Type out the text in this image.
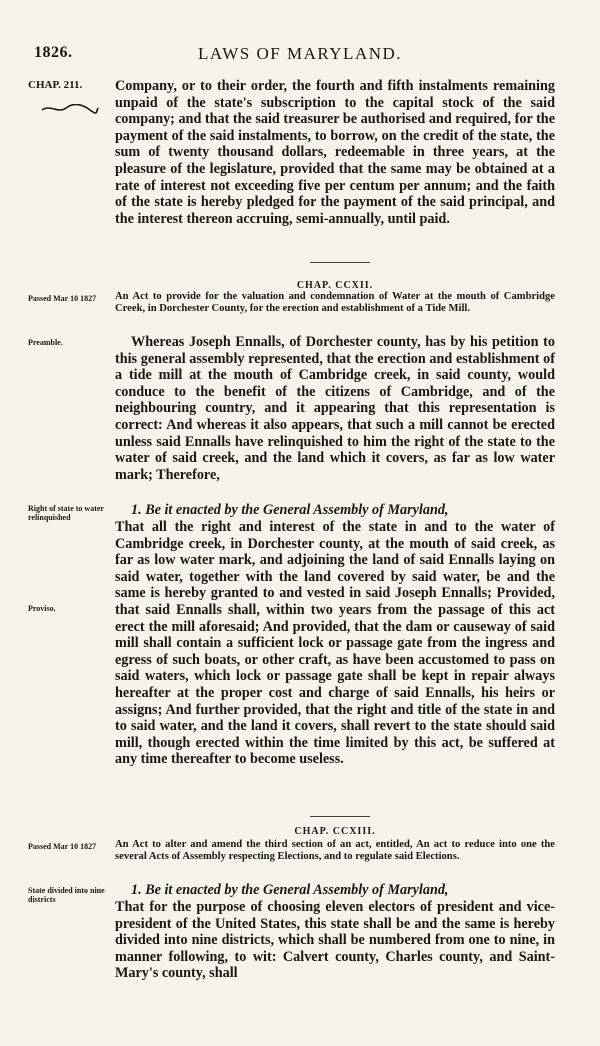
1826.	LAWS OF MARYLAND.
CHAP. 211.	Company, or to their order, the fourth and fifth instalments remaining unpaid of the state's subscription to the capital stock of the said company; and that the said treasurer be authorised and required, for the payment of the said instalments, to borrow, on the credit of the state, the sum of twenty thousand dollars, redeemable in three years, at the pleasure of the legislature, provided that the same may be obtained at a rate of interest not exceeding five per centum per annum; and the faith of the state is hereby pledged for the payment of the said principal, and the interest thereon accruing, semi-annually, until paid.
CHAP. CCXII.
Passed Mar 10 1827	An Act to provide for the valuation and condemnation of Water at the mouth of Cambridge Creek, in Dorchester County, for the erection and establishment of a Tide Mill.
Preamble.	Whereas Joseph Ennalls, of Dorchester county, has by his petition to this general assembly represented, that the erection and establishment of a tide mill at the mouth of Cambridge creek, in said county, would conduce to the benefit of the citizens of Cambridge, and of the neighbouring country, and it appearing that this representation is correct: And whereas it also appears, that such a mill cannot be erected unless said Ennalls have relinquished to him the right of the state to the water of said creek, and the land which it covers, as far as low water mark; Therefore,
Right of state to water relinquished	1. Be it enacted by the General Assembly of Maryland,
That all the right and interest of the state in and to the water of Cambridge creek, in Dorchester county, at the mouth of said creek, as far as low water mark, and adjoining the land of said Ennalls laying on said water, together with the land covered by said water, be and the same is hereby granted to and vested in said Joseph Ennalls; Provided, that said Ennalls shall, within two years from the passage of this act erect the mill aforesaid; And provided, that the dam or causeway of said mill shall contain a sufficient lock or passage gate from the ingress and egress of such boats, or other craft, as have been accustomed to pass on said waters, which lock or passage gate shall be kept in repair always hereafter at the proper cost and charge of said Ennalls, his heirs or assigns; And further provided, that the right and title of the state in and to said water, and the land it covers, shall revert to the state should said mill, though erected within the time limited by this act, be suffered at any time thereafter to become useless.
Proviso.
CHAP. CCXIII.
Passed Mar 10 1827	An Act to alter and amend the third section of an act, entitled, An act to reduce into one the several Acts of Assembly respecting Elections, and to regulate said Elections.
State divided into nine districts
1. Be it enacted by the General Assembly of Maryland,
That for the purpose of choosing eleven electors of president and vice-president of the United States, this state shall be and the same is hereby divided into nine districts, which shall be numbered from one to nine, in manner following, to wit: Calvert county, Charles county, and Saint-Mary's county, shall
